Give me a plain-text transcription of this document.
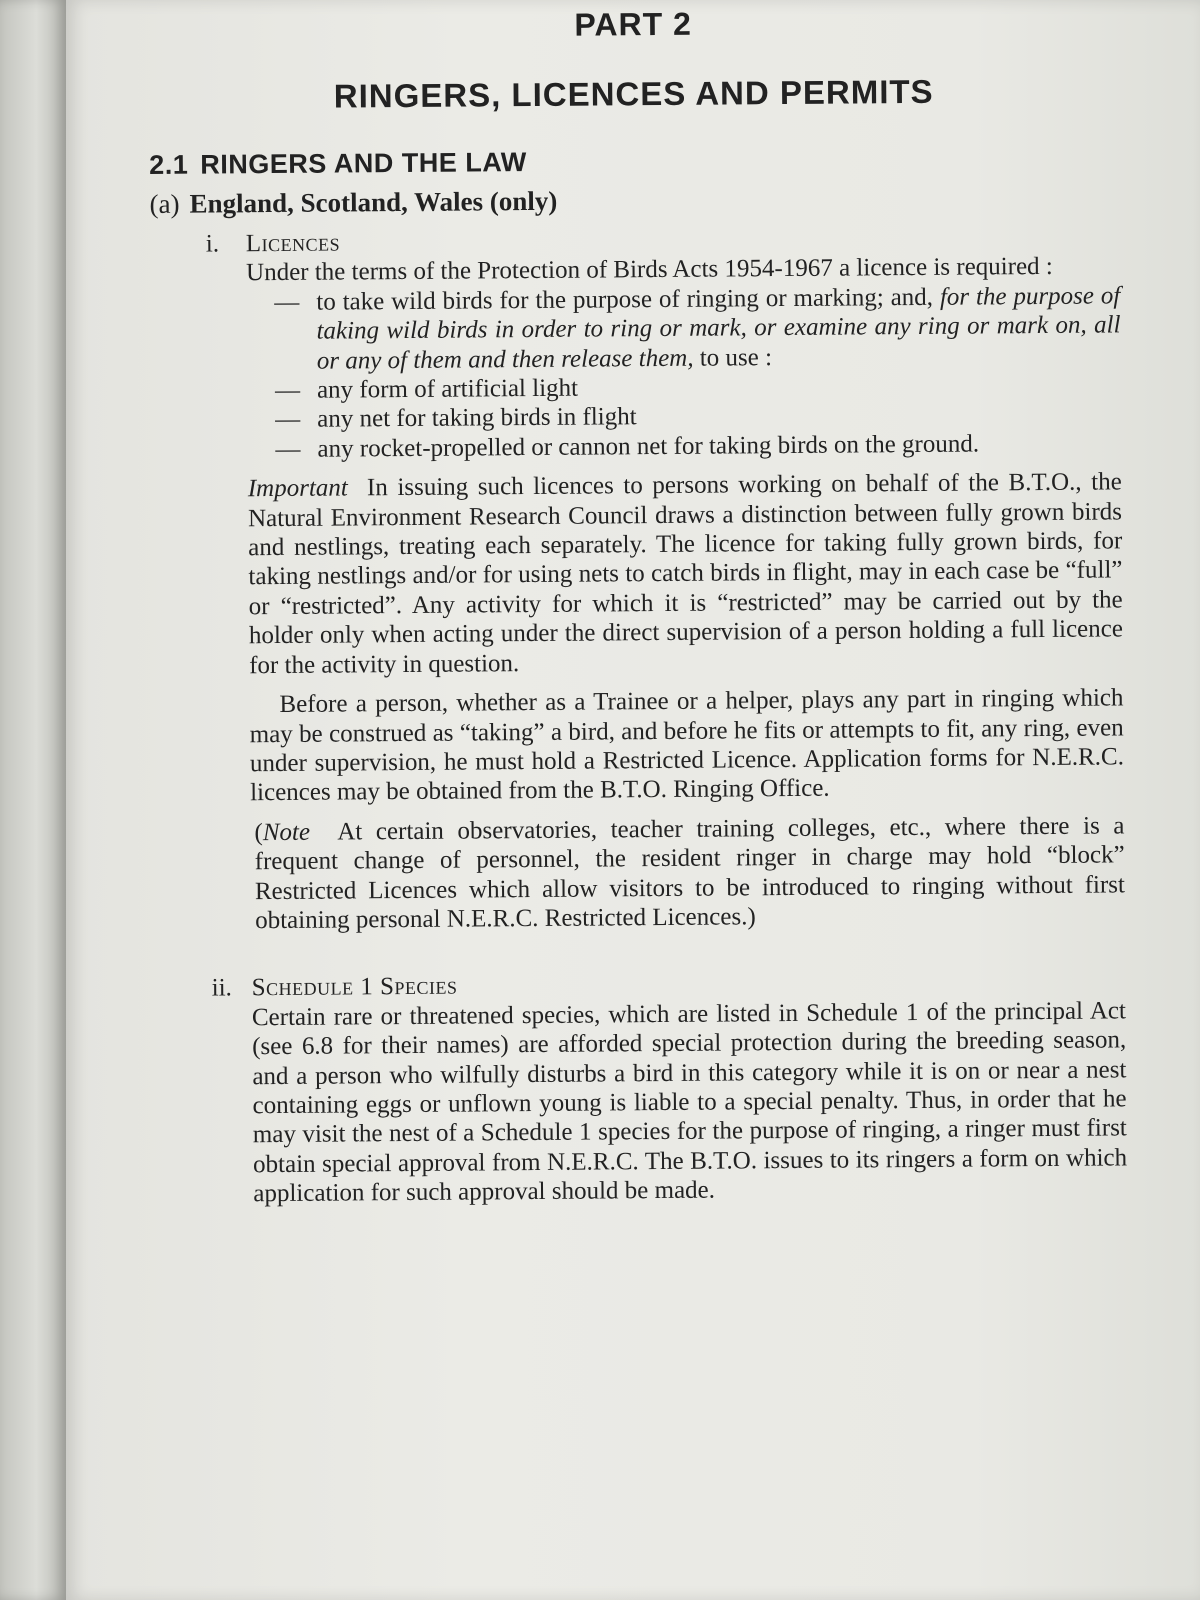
PART 2
RINGERS, LICENCES AND PERMITS
2.1 RINGERS AND THE LAW
(a) England, Scotland, Wales (only)
i. Licences

Under the terms of the Protection of Birds Acts 1954-1967 a licence is required :

— to take wild birds for the purpose of ringing or marking; and, for the purpose of taking wild birds in order to ring or mark, or examine any ring or mark on, all or any of them and then release them, to use :
— any form of artificial light
— any net for taking birds in flight
— any rocket-propelled or cannon net for taking birds on the ground.

Important In issuing such licences to persons working on behalf of the B.T.O., the Natural Environment Research Council draws a distinction between fully grown birds and nestlings, treating each separately. The licence for taking fully grown birds, for taking nestlings and/or for using nets to catch birds in flight, may in each case be “full” or “restricted”. Any activity for which it is “restricted” may be carried out by the holder only when acting under the direct supervision of a person holding a full licence for the activity in question.

Before a person, whether as a Trainee or a helper, plays any part in ringing which may be construed as “taking” a bird, and before he fits or attempts to fit, any ring, even under supervision, he must hold a Restricted Licence. Application forms for N.E.R.C. licences may be obtained from the B.T.O. Ringing Office.

(Note At certain observatories, teacher training colleges, etc., where there is a frequent change of personnel, the resident ringer in charge may hold “block” Restricted Licences which allow visitors to be introduced to ringing without first obtaining personal N.E.R.C. Restricted Licences.)

ii. Schedule 1 Species

Certain rare or threatened species, which are listed in Schedule 1 of the principal Act (see 6.8 for their names) are afforded special protection during the breeding season, and a person who wilfully disturbs a bird in this category while it is on or near a nest containing eggs or unflown young is liable to a special penalty. Thus, in order that he may visit the nest of a Schedule 1 species for the purpose of ringing, a ringer must first obtain special approval from N.E.R.C. The B.T.O. issues to its ringers a form on which application for such approval should be made.
